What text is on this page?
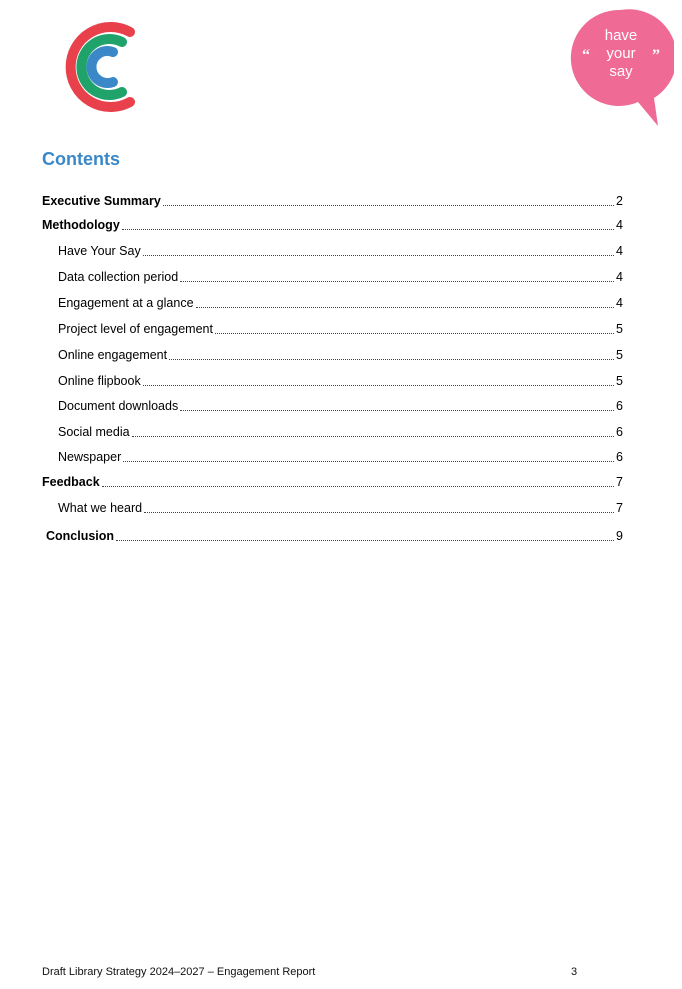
have
your
say
“	”
Contents
Executive Summary	2
Methodology	4
Have Your Say	4
Data collection period	4
Engagement at a glance	4
Project level of engagement	5
Online engagement	5
Online flipbook	5
Document downloads	6
Social media	6
Newspaper	6
Feedback	7
What we heard	7
Conclusion	9
Draft Library Strategy 2024–2027 – Engagement Report	3
